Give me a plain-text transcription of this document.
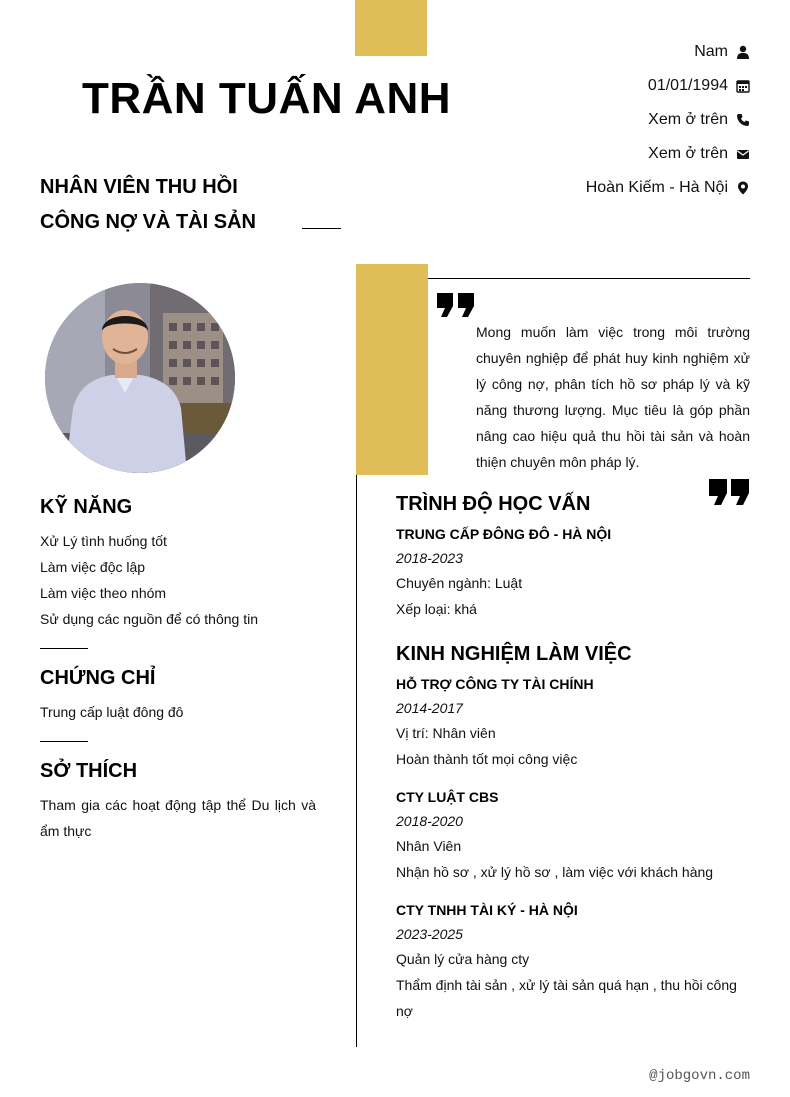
TRẦN TUẤN ANH
NHÂN VIÊN THU HỒI
CÔNG NỢ VÀ TÀI SẢN
Nam
01/01/1994
Xem ở trên
Xem ở trên
Hoàn Kiếm - Hà Nội
Mong muốn làm việc trong môi trường chuyên nghiệp để phát huy kinh nghiệm xử lý công nợ, phân tích hồ sơ pháp lý và kỹ năng thương lượng. Mục tiêu là góp phần nâng cao hiệu quả thu hồi tài sản và hoàn thiện chuyên môn pháp lý.
KỸ NĂNG
Xử Lý tình huống tốt
Làm việc độc lập
Làm việc theo nhóm
Sử dụng các nguồn để có thông tin
CHỨNG CHỈ
Trung cấp luật đông đô
SỞ THÍCH
Tham gia các hoạt động tập thể Du lịch và ẩm thực
TRÌNH ĐỘ HỌC VẤN
TRUNG CẤP ĐÔNG ĐÔ - HÀ NỘI
2018-2023
Chuyên ngành: Luật
Xếp loại: khá
KINH NGHIỆM LÀM VIỆC
HỖ TRỢ CÔNG TY TÀI CHÍNH
2014-2017
Vị trí: Nhân viên
Hoàn thành tốt mọi công việc
CTY LUẬT CBS
2018-2020
Nhân Viên
Nhận hồ sơ , xử lý hồ sơ , làm việc với khách hàng
CTY TNHH TÀI KÝ - HÀ NỘI
2023-2025
Quản lý cửa hàng cty
Thẩm định tài sản , xử lý tài sản quá hạn , thu hồi công nợ
@jobgovn.com
